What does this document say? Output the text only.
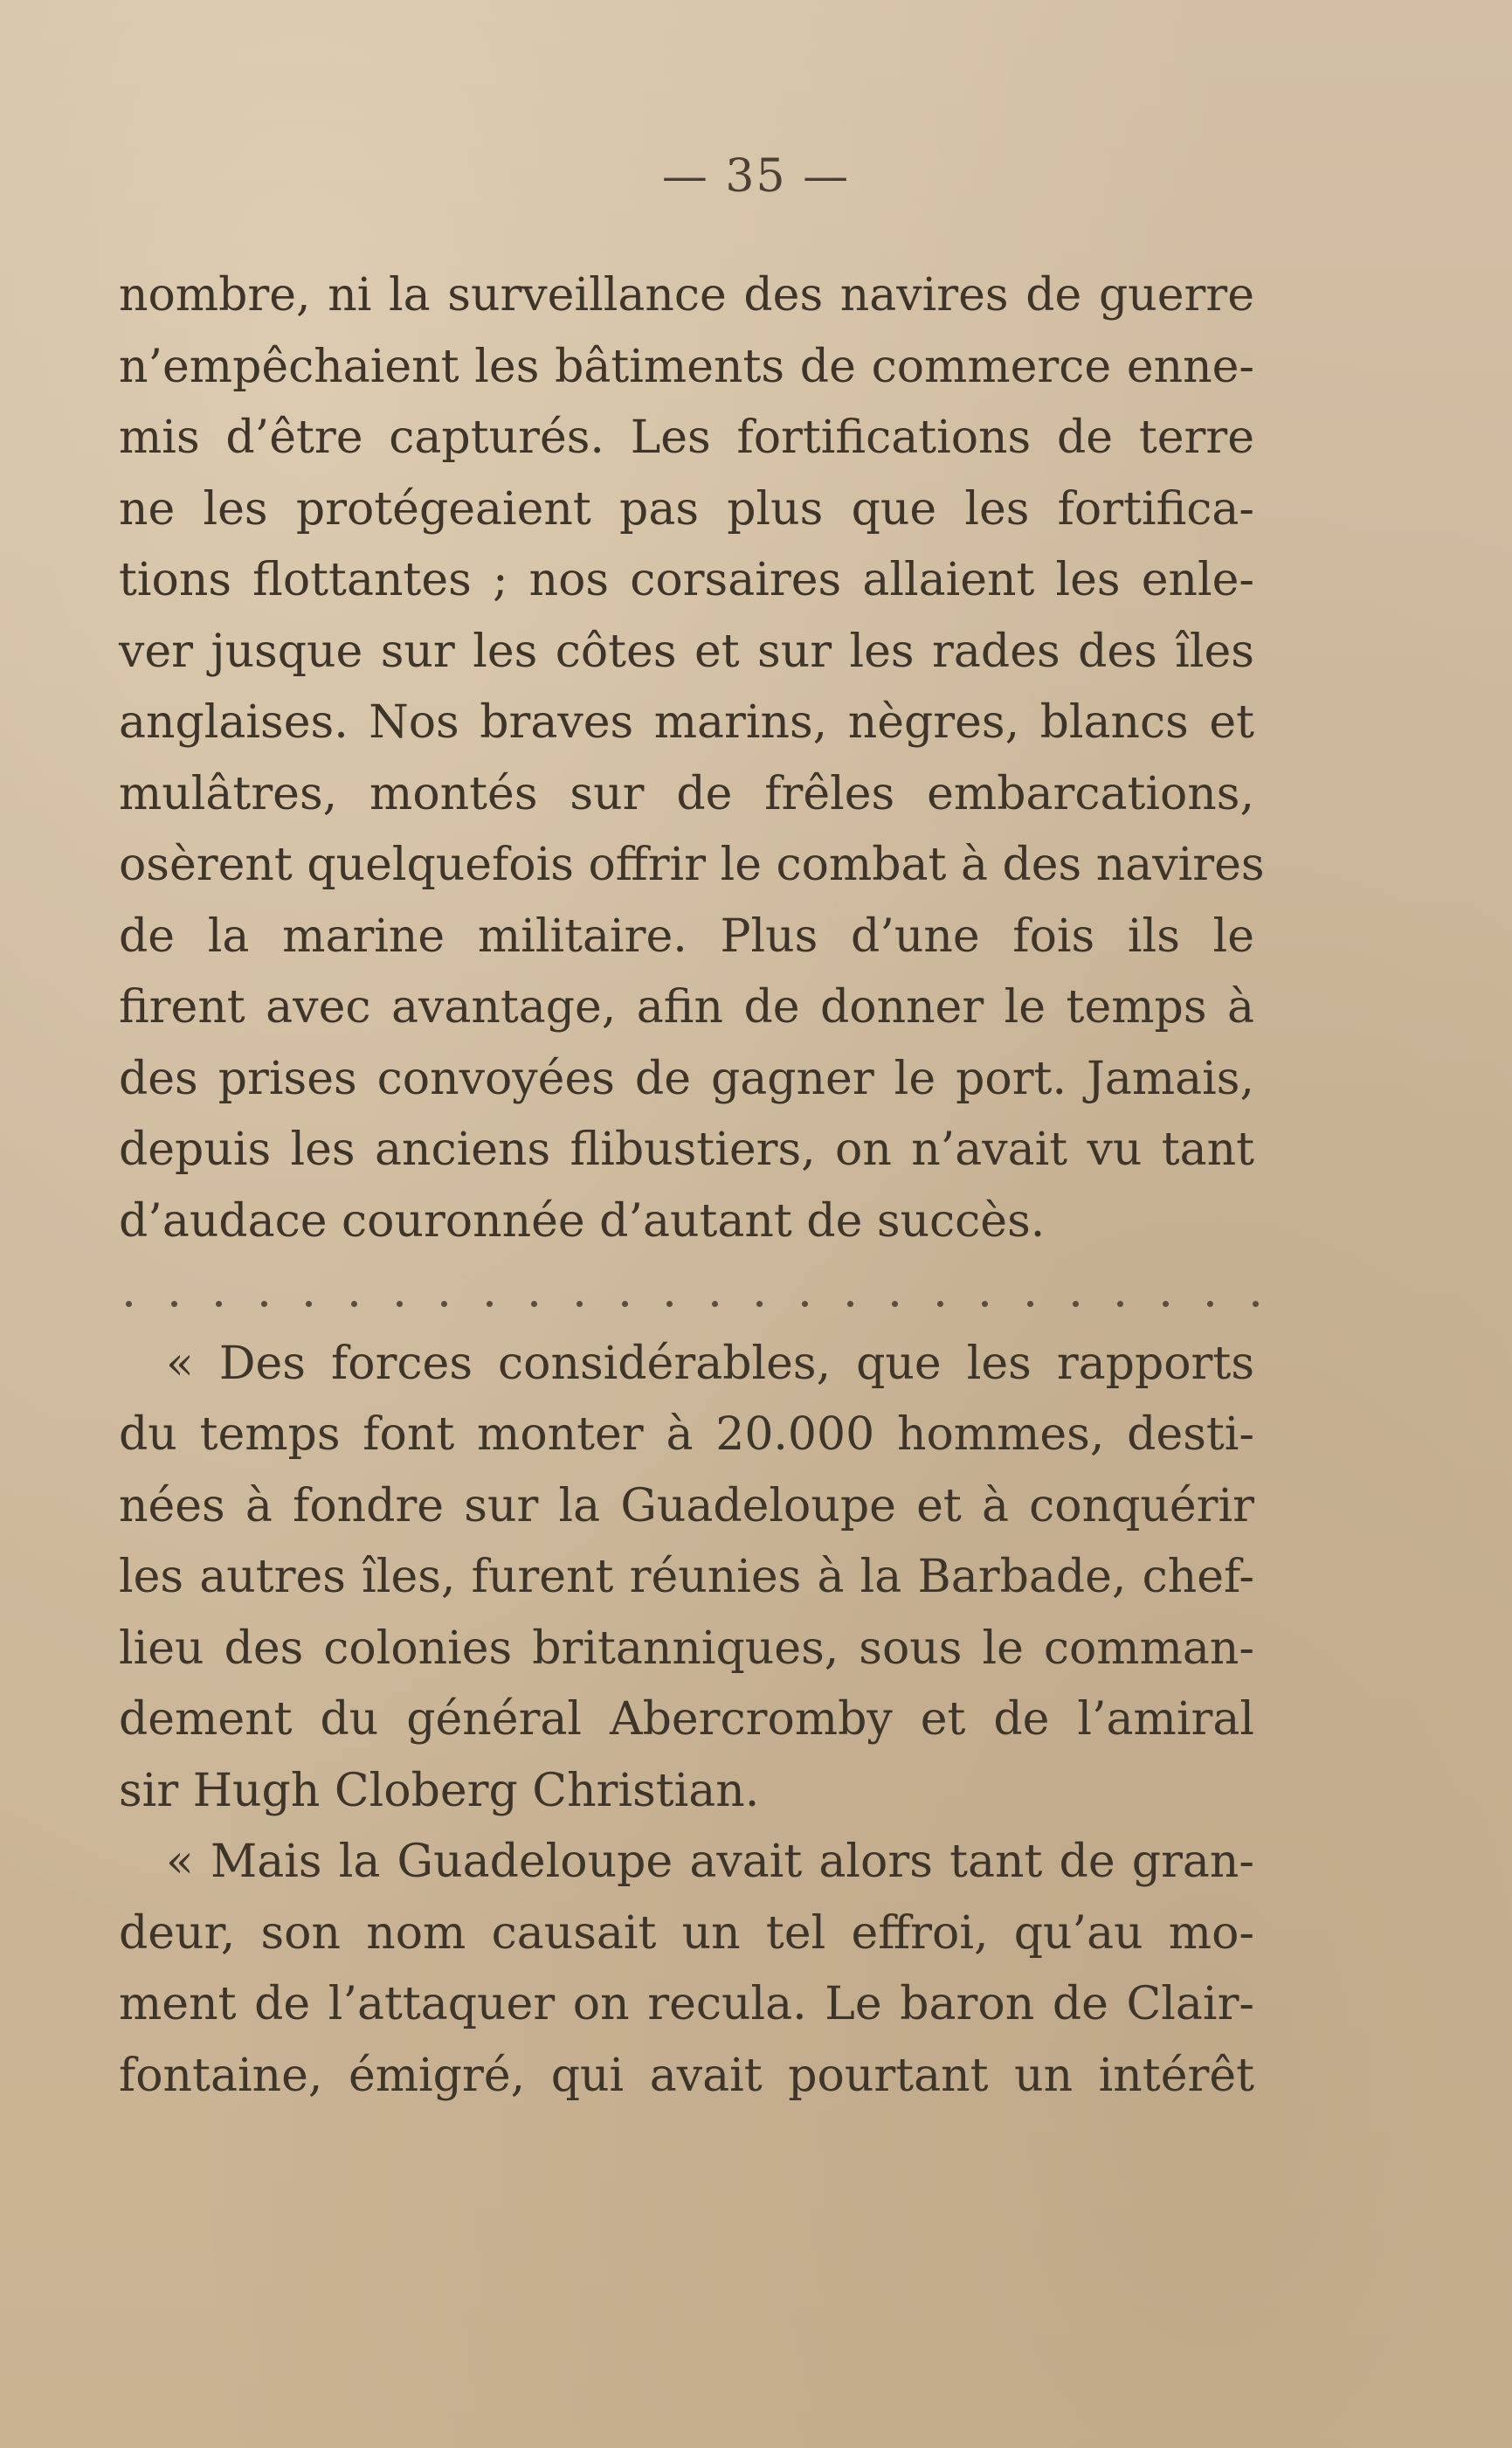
— 35 —
nombre, ni la surveillance des navires de guerre
n’empêchaient les bâtiments de commerce enne-
mis d’être capturés. Les fortifications de terre
ne les protégeaient pas plus que les fortifica-
tions flottantes ; nos corsaires allaient les enle-
ver jusque sur les côtes et sur les rades des îles
anglaises. Nos braves marins, nègres, blancs et
mulâtres, montés sur de frêles embarcations,
osèrent quelquefois offrir le combat à des navires
de la marine militaire. Plus d’une fois ils le
firent avec avantage, afin de donner le temps à
des prises convoyées de gagner le port. Jamais,
depuis les anciens flibustiers, on n’avait vu tant
d’audace couronnée d’autant de succès.
« Des forces considérables, que les rapports
du temps font monter à 20.000 hommes, desti-
nées à fondre sur la Guadeloupe et à conquérir
les autres îles, furent réunies à la Barbade, chef-
lieu des colonies britanniques, sous le comman-
dement du général Abercromby et de l’amiral
sir Hugh Cloberg Christian.
« Mais la Guadeloupe avait alors tant de gran-
deur, son nom causait un tel effroi, qu’au mo-
ment de l’attaquer on recula. Le baron de Clair-
fontaine, émigré, qui avait pourtant un intérêt
